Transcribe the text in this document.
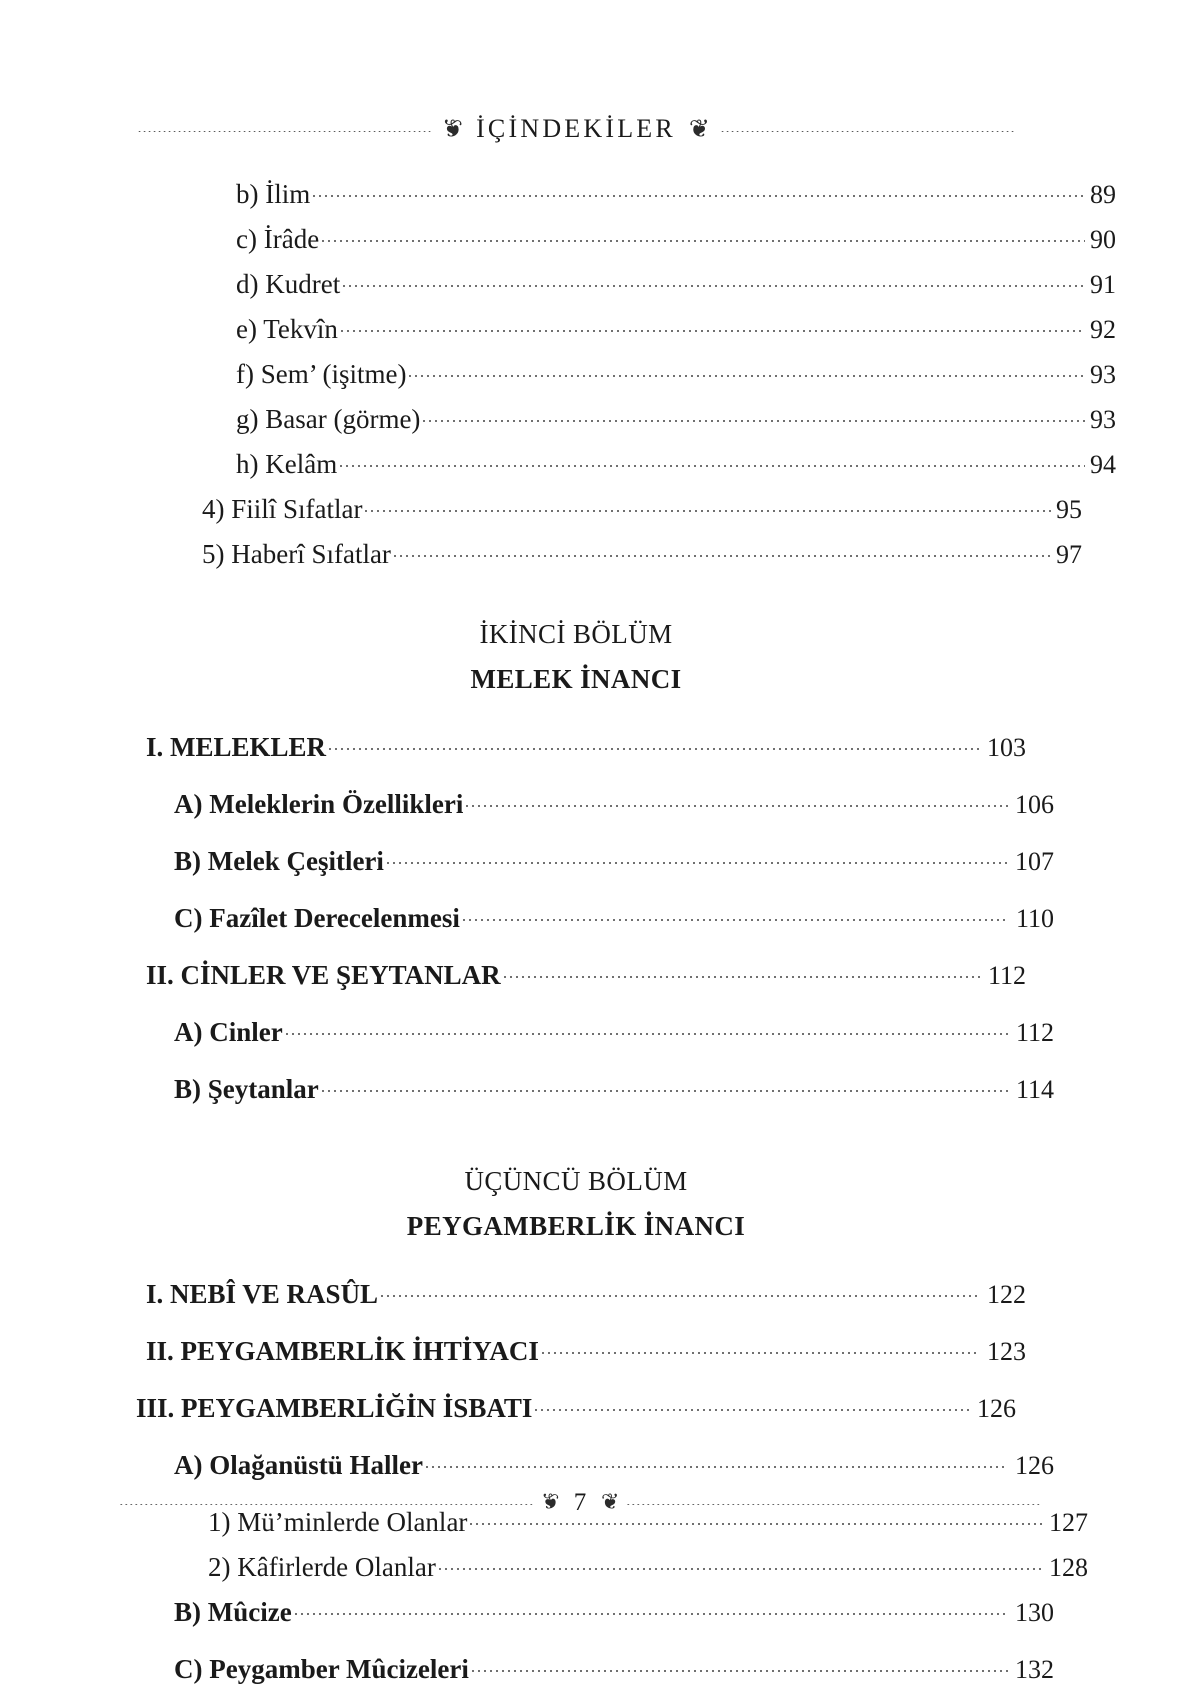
❦ İÇİNDEKİLER ❦
b) İlim	89
c) İrâde	90
d) Kudret	91
e) Tekvîn	92
f) Sem’ (işitme)	93
g) Basar (görme)	93
h) Kelâm	94
4) Fiilî Sıfatlar	95
5) Haberî Sıfatlar	97
İKİNCİ BÖLÜM
MELEK İNANCI
I. MELEKLER	103
A) Meleklerin Özellikleri	106
B) Melek Çeşitleri	107
C) Fazîlet Derecelenmesi	110
II. CİNLER VE ŞEYTANLAR	112
A) Cinler	112
B) Şeytanlar	114
ÜÇÜNCÜ BÖLÜM
PEYGAMBERLİK İNANCI
I. NEBÎ VE RASÛL	122
II. PEYGAMBERLİK İHTİYACI	123
III. PEYGAMBERLİĞİN İSBATI	126
A) Olağanüstü Haller	126
1) Mü’minlerde Olanlar	127
2) Kâfirlerde Olanlar	128
B) Mûcize	130
C) Peygamber Mûcizeleri	132
❦ 7 ❦
